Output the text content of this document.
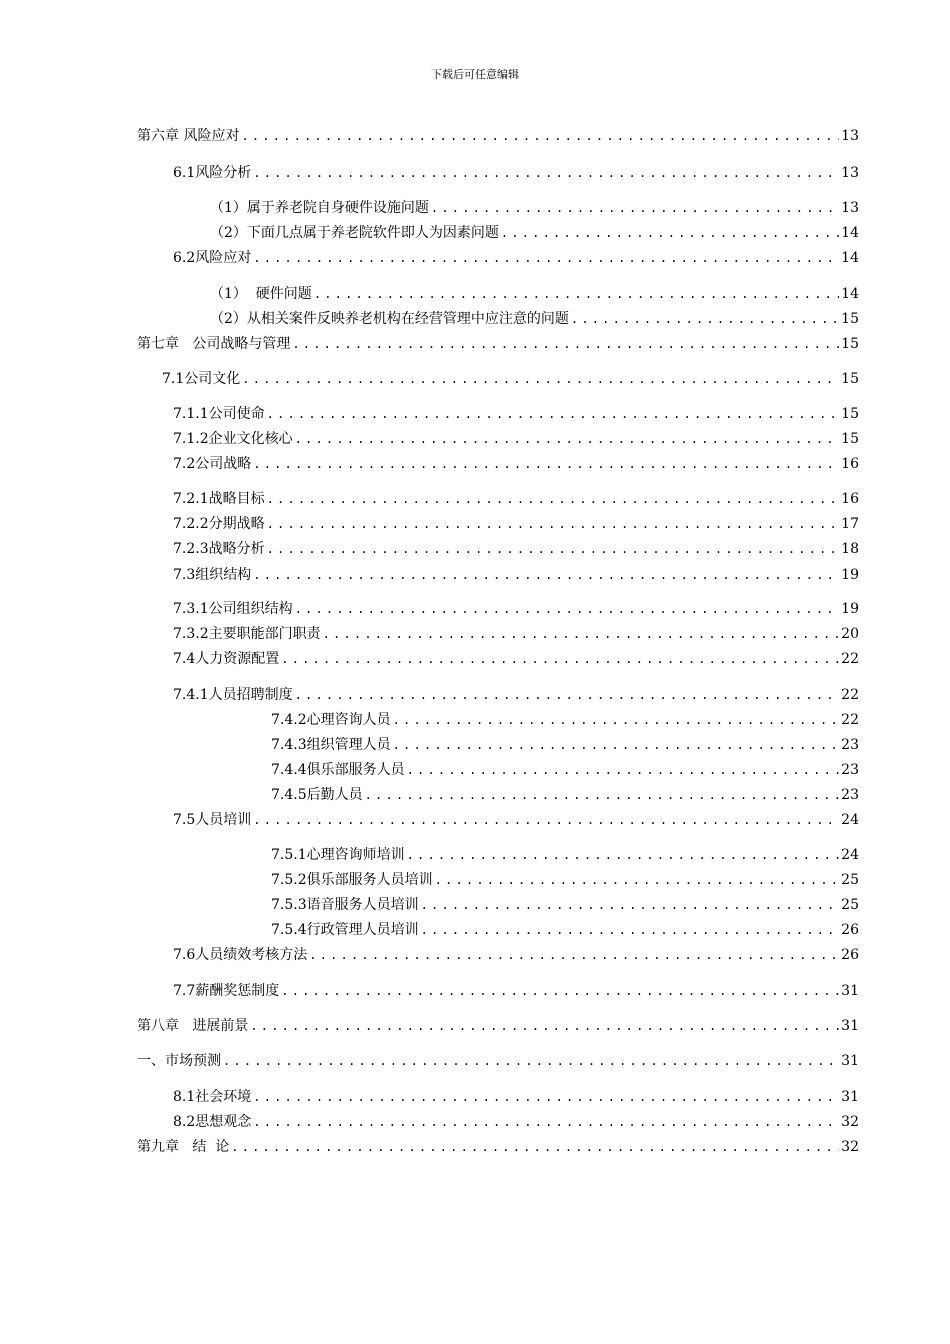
下载后可任意编辑
第六章 风险应对 .....	13
6.1风险分析 .....	13
（1）属于养老院自身硬件设施问题 .....	13
（2）下面几点属于养老院软件即人为因素问题 .....	14
6.2风险应对 .....	14
（1）  硬件问题 .....	14
（2）从相关案件反映养老机构在经营管理中应注意的问题 .....	15
第七章   公司战略与管理 .....	15
7.1公司文化 .....	15
7.1.1公司使命 .....	15
7.1.2企业文化核心 .....	15
7.2公司战略 .....	16
7.2.1战略目标 .....	16
7.2.2分期战略 .....	17
7.2.3战略分析 .....	18
7.3组织结构 .....	19
7.3.1公司组织结构 .....	19
7.3.2主要职能部门职责 .....	20
7.4人力资源配置 .....	22
7.4.1人员招聘制度 .....	22
7.4.2心理咨询人员 .....	22
7.4.3组织管理人员 .....	23
7.4.4俱乐部服务人员 .....	23
7.4.5后勤人员 .....	23
7.5人员培训 .....	24
7.5.1心理咨询师培训 .....	24
7.5.2俱乐部服务人员培训 .....	25
7.5.3语音服务人员培训 .....	25
7.5.4行政管理人员培训 .....	26
7.6人员绩效考核方法 .....	26
7.7薪酬奖惩制度 .....	31
第八章   进展前景 .....	31
一、市场预测 .....	31
8.1社会环境 .....	31
8.2思想观念 .....	32
第九章   结  论 .....	32
